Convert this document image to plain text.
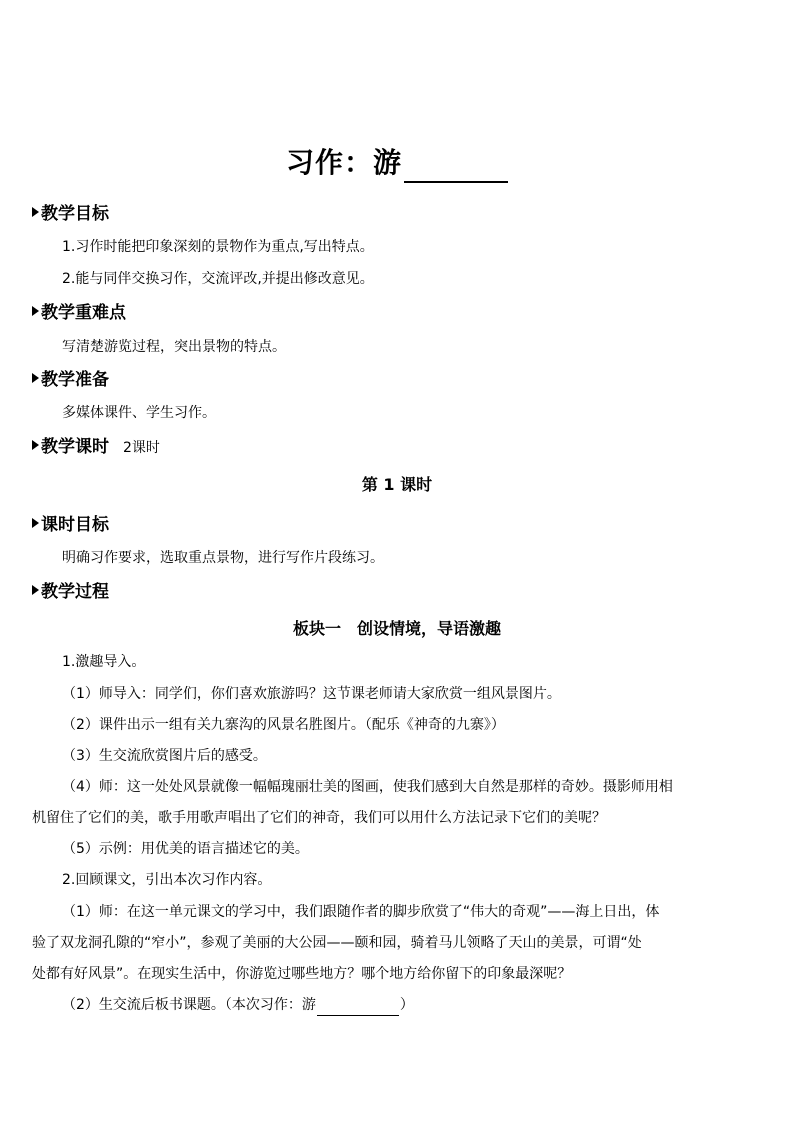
习作：游
教学目标
1.习作时能把印象深刻的景物作为重点,写出特点。
2.能与同伴交换习作，交流评改,并提出修改意见。
教学重难点
写清楚游览过程，突出景物的特点。
教学准备
多媒体课件、学生习作。
教学课时 2课时
第 1 课时
课时目标
明确习作要求，选取重点景物，进行写作片段练习。
教学过程
板块一　创设情境，导语激趣
1.激趣导入。
（1）师导入：同学们，你们喜欢旅游吗？这节课老师请大家欣赏一组风景图片。
（2）课件出示一组有关九寨沟的风景名胜图片。（配乐《神奇的九寨》）
（3）生交流欣赏图片后的感受。
（4）师：这一处处风景就像一幅幅瑰丽壮美的图画，使我们感到大自然是那样的奇妙。摄影师用相
机留住了它们的美，歌手用歌声唱出了它们的神奇，我们可以用什么方法记录下它们的美呢？
（5）示例：用优美的语言描述它的美。
2.回顾课文，引出本次习作内容。
（1）师：在这一单元课文的学习中，我们跟随作者的脚步欣赏了“伟大的奇观”——海上日出，体
验了双龙洞孔隙的“窄小”，参观了美丽的大公园——颐和园，骑着马儿领略了天山的美景，可谓“处
处都有好风景”。在现实生活中，你游览过哪些地方？哪个地方给你留下的印象最深呢？
（2）生交流后板书课题。（本次习作：游	）
